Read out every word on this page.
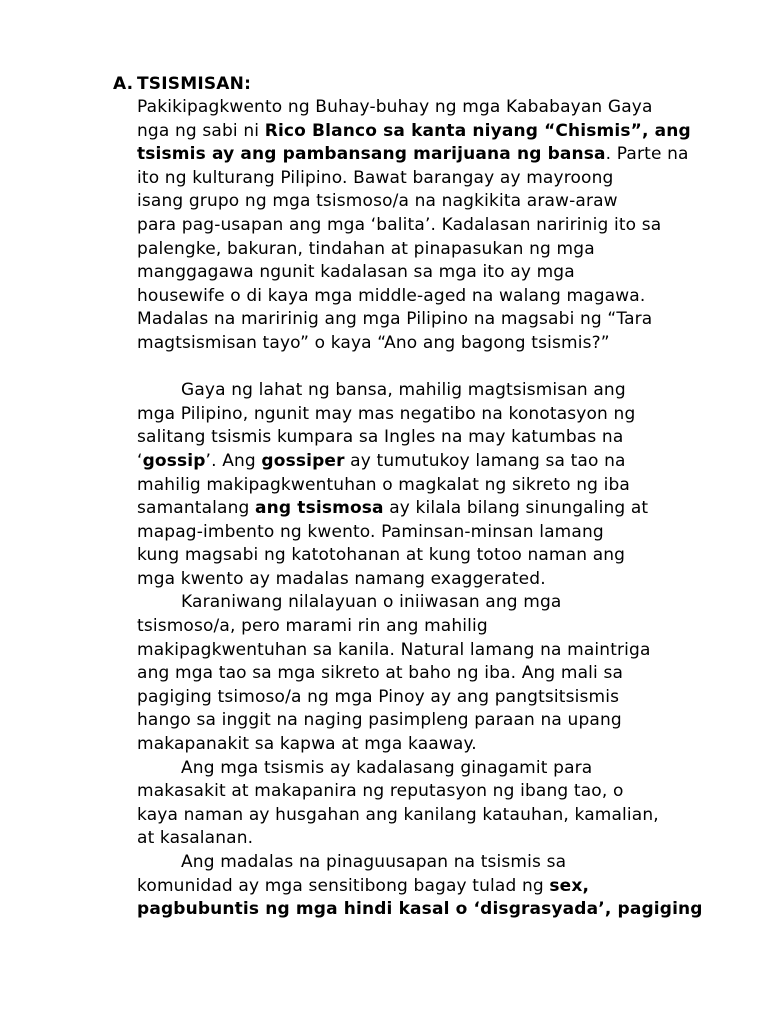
A. TSISMISAN:
Pakikipagkwento ng Buhay-buhay ng mga Kababayan Gaya
nga ng sabi ni Rico Blanco sa kanta niyang “Chismis”, ang
tsismis ay ang pambansang marijuana ng bansa. Parte na
ito ng kulturang Pilipino. Bawat barangay ay mayroong
isang grupo ng mga tsismoso/a na nagkikita araw-araw
para pag-usapan ang mga ‘balita’. Kadalasan naririnig ito sa
palengke, bakuran, tindahan at pinapasukan ng mga
manggagawa ngunit kadalasan sa mga ito ay mga
housewife o di kaya mga middle-aged na walang magawa.
Madalas na maririnig ang mga Pilipino na magsabi ng “Tara
magtsismisan tayo” o kaya “Ano ang bagong tsismis?”
Gaya ng lahat ng bansa, mahilig magtsismisan ang
mga Pilipino, ngunit may mas negatibo na konotasyon ng
salitang tsismis kumpara sa Ingles na may katumbas na
‘gossip’. Ang gossiper ay tumutukoy lamang sa tao na
mahilig makipagkwentuhan o magkalat ng sikreto ng iba
samantalang ang tsismosa ay kilala bilang sinungaling at
mapag-imbento ng kwento. Paminsan-minsan lamang
kung magsabi ng katotohanan at kung totoo naman ang
mga kwento ay madalas namang exaggerated.
Karaniwang nilalayuan o iniiwasan ang mga
tsismoso/a, pero marami rin ang mahilig
makipagkwentuhan sa kanila. Natural lamang na maintriga
ang mga tao sa mga sikreto at baho ng iba. Ang mali sa
pagiging tsimoso/a ng mga Pinoy ay ang pangtsitsismis
hango sa inggit na naging pasimpleng paraan na upang
makapanakit sa kapwa at mga kaaway.
Ang mga tsismis ay kadalasang ginagamit para
makasakit at makapanira ng reputasyon ng ibang tao, o
kaya naman ay husgahan ang kanilang katauhan, kamalian,
at kasalanan.
Ang madalas na pinaguusapan na tsismis sa
komunidad ay mga sensitibong bagay tulad ng sex,
pagbubuntis ng mga hindi kasal o ‘disgrasyada’, pagiging
